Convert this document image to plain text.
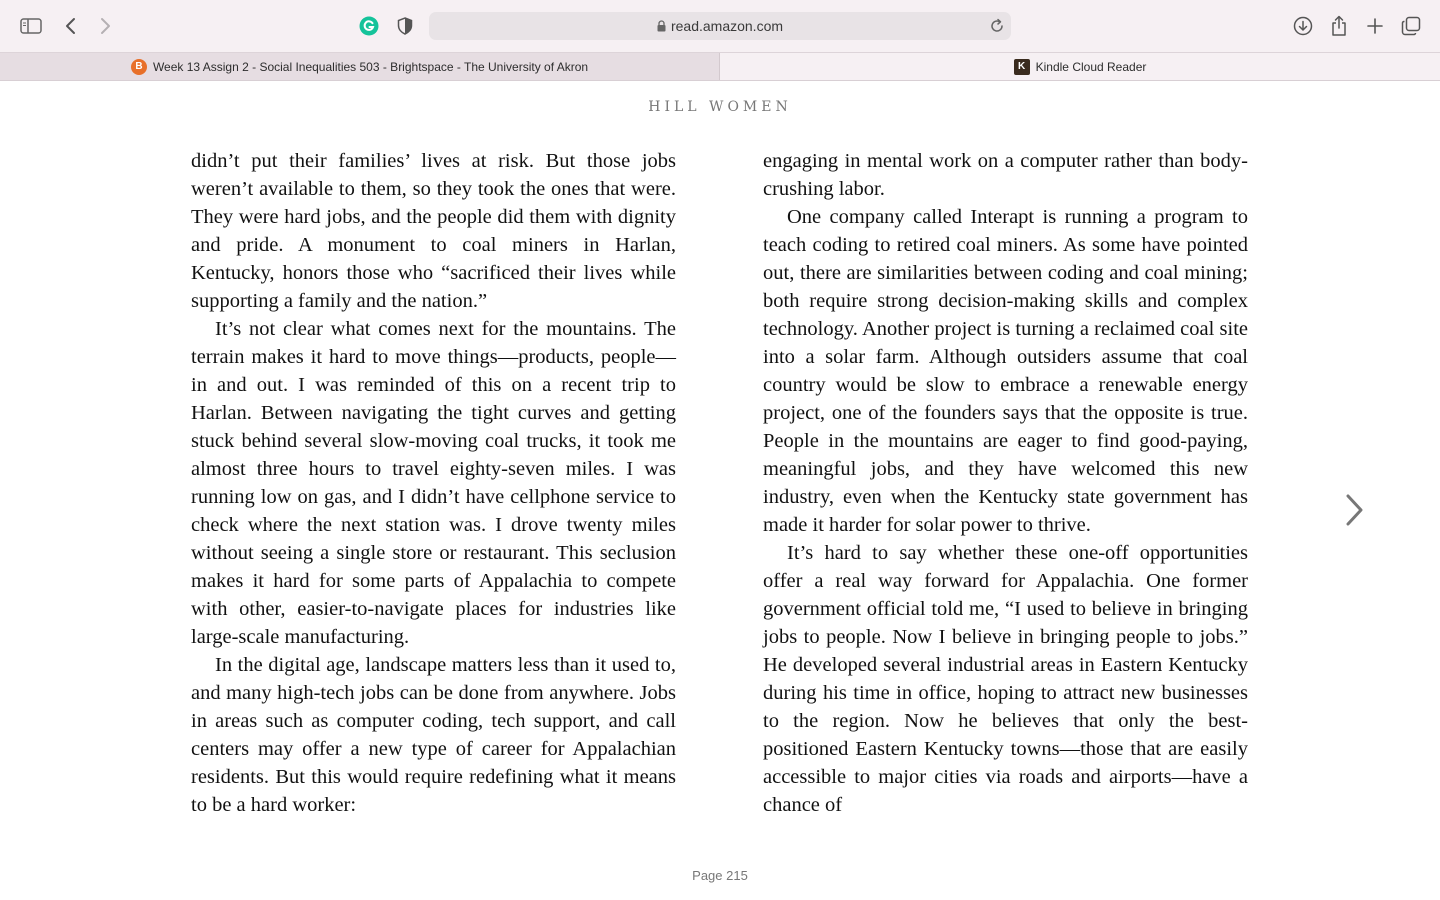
read.amazon.com
B Week 13 Assign 2 - Social Inequalities 503 - Brightspace - The University of Akron	K Kindle Cloud Reader
HILL WOMEN

didn’t put their families’ lives at risk. But those jobs weren’t available to them, so they took the ones that were. They were hard jobs, and the people did them with dignity and pride. A monument to coal miners in Harlan, Kentucky, honors those who “sacrificed their lives while supporting a family and the nation.”

It’s not clear what comes next for the mountains. The terrain makes it hard to move things—products, people—in and out. I was reminded of this on a recent trip to Harlan. Between navigating the tight curves and getting stuck behind several slow-moving coal trucks, it took me almost three hours to travel eighty-seven miles. I was running low on gas, and I didn’t have cellphone service to check where the next station was. I drove twenty miles without seeing a single store or restaurant. This seclusion makes it hard for some parts of Appalachia to compete with other, easier-to-navigate places for industries like large-scale manufacturing.

In the digital age, landscape matters less than it used to, and many high-tech jobs can be done from anywhere. Jobs in areas such as computer coding, tech support, and call centers may offer a new type of career for Appalachian residents. But this would require redefining what it means to be a hard worker:

engaging in mental work on a computer rather than body-crushing labor.

One company called Interapt is running a program to teach coding to retired coal miners. As some have pointed out, there are similarities between coding and coal mining; both require strong decision-making skills and complex technology. Another project is turning a reclaimed coal site into a solar farm. Although outsiders assume that coal country would be slow to embrace a renewable energy project, one of the founders says that the opposite is true. People in the mountains are eager to find good-paying, meaningful jobs, and they have welcomed this new industry, even when the Kentucky state government has made it harder for solar power to thrive.

It’s hard to say whether these one-off opportunities offer a real way forward for Appalachia. One former government official told me, “I used to believe in bringing jobs to people. Now I believe in bringing people to jobs.” He developed several industrial areas in Eastern Kentucky during his time in office, hoping to attract new businesses to the region. Now he believes that only the best-positioned Eastern Kentucky towns—those that are easily accessible to major cities via roads and airports—have a chance of

Page 215
